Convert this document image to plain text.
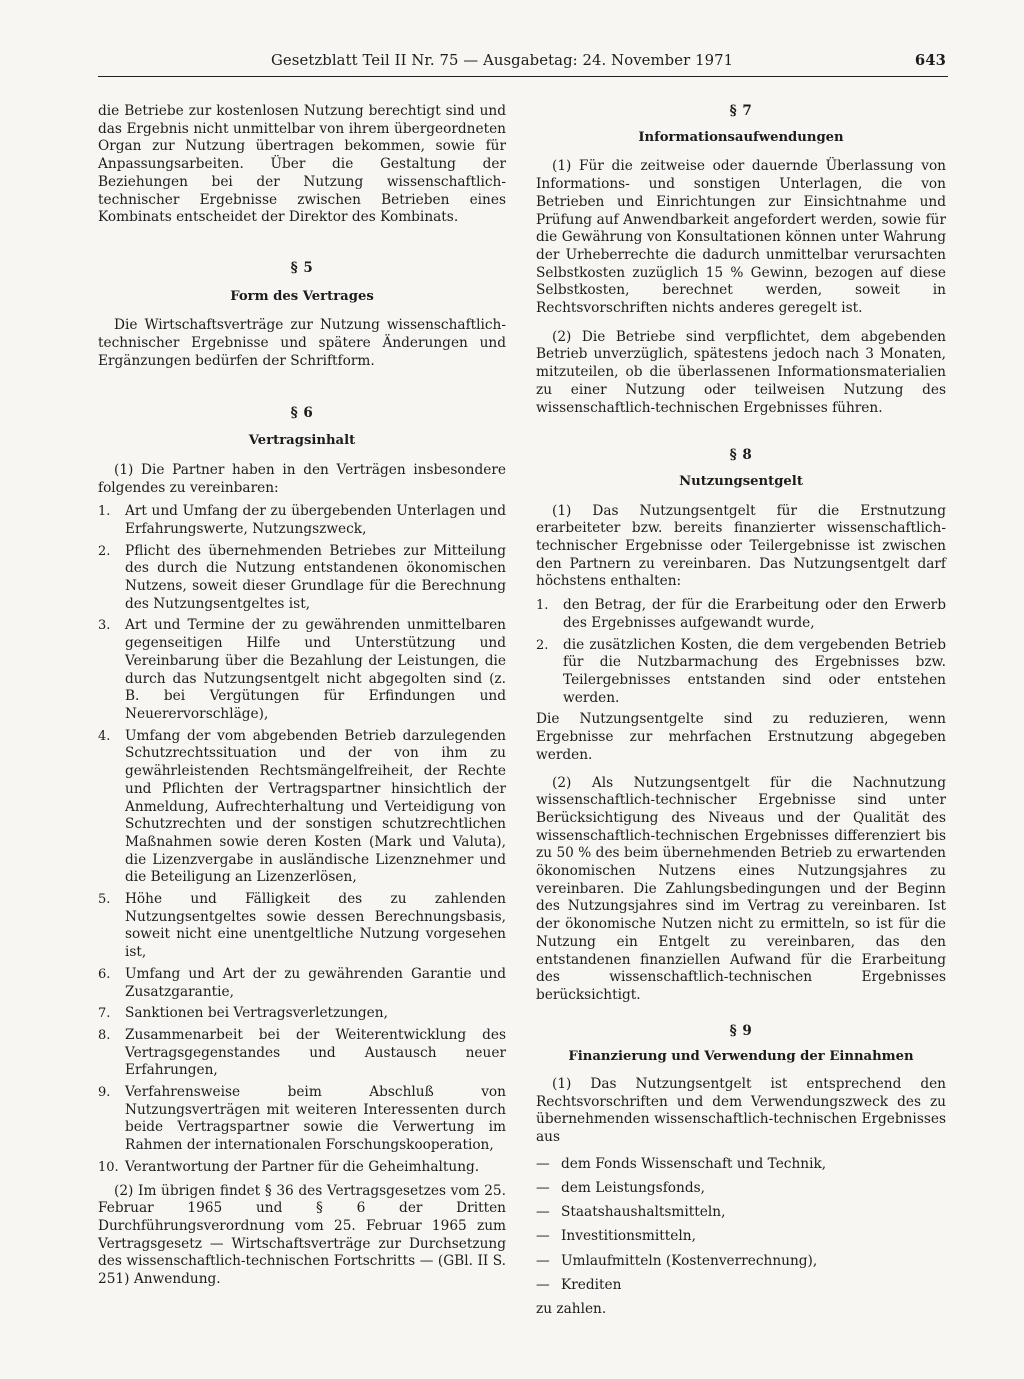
Gesetzblatt Teil II Nr. 75 — Ausgabetag: 24. November 1971	643

die Betriebe zur kostenlosen Nutzung berechtigt sind und das Ergebnis nicht unmittelbar von ihrem übergeordneten Organ zur Nutzung übertragen bekommen, sowie für Anpassungsarbeiten. Über die Gestaltung der Beziehungen bei der Nutzung wissenschaftlich-technischer Ergebnisse zwischen Betrieben eines Kombinats entscheidet der Direktor des Kombinats.

§ 5
Form des Vertrages

Die Wirtschaftsverträge zur Nutzung wissenschaftlich-technischer Ergebnisse und spätere Änderungen und Ergänzungen bedürfen der Schriftform.

§ 6
Vertragsinhalt

(1) Die Partner haben in den Verträgen insbesondere folgendes zu vereinbaren:

1. Art und Umfang der zu übergebenden Unterlagen und Erfahrungswerte, Nutzungszweck,
2. Pflicht des übernehmenden Betriebes zur Mitteilung des durch die Nutzung entstandenen ökonomischen Nutzens, soweit dieser Grundlage für die Berechnung des Nutzungsentgeltes ist,
3. Art und Termine der zu gewährenden unmittelbaren gegenseitigen Hilfe und Unterstützung und Vereinbarung über die Bezahlung der Leistungen, die durch das Nutzungsentgelt nicht abgegolten sind (z. B. bei Vergütungen für Erfindungen und Neuerervorschläge),
4. Umfang der vom abgebenden Betrieb darzulegenden Schutzrechtssituation und der von ihm zu gewährleistenden Rechtsmängelfreiheit, der Rechte und Pflichten der Vertragspartner hinsichtlich der Anmeldung, Aufrechterhaltung und Verteidigung von Schutzrechten und der sonstigen schutzrechtlichen Maßnahmen sowie deren Kosten (Mark und Valuta), die Lizenzvergabe in ausländische Lizenznehmer und die Beteiligung an Lizenzerlösen,
5. Höhe und Fälligkeit des zu zahlenden Nutzungsentgeltes sowie dessen Berechnungsbasis, soweit nicht eine unentgeltliche Nutzung vorgesehen ist,
6. Umfang und Art der zu gewährenden Garantie und Zusatzgarantie,
7. Sanktionen bei Vertragsverletzungen,
8. Zusammenarbeit bei der Weiterentwicklung des Vertragsgegenstandes und Austausch neuer Erfahrungen,
9. Verfahrensweise beim Abschluß von Nutzungsverträgen mit weiteren Interessenten durch beide Vertragspartner sowie die Verwertung im Rahmen der internationalen Forschungskooperation,
10. Verantwortung der Partner für die Geheimhaltung.

(2) Im übrigen findet § 36 des Vertragsgesetzes vom 25. Februar 1965 und § 6 der Dritten Durchführungsverordnung vom 25. Februar 1965 zum Vertragsgesetz — Wirtschaftsverträge zur Durchsetzung des wissenschaftlich-technischen Fortschritts — (GBl. II S. 251) Anwendung.

§ 7
Informationsaufwendungen

(1) Für die zeitweise oder dauernde Überlassung von Informations- und sonstigen Unterlagen, die von Betrieben und Einrichtungen zur Einsichtnahme und Prüfung auf Anwendbarkeit angefordert werden, sowie für die Gewährung von Konsultationen können unter Wahrung der Urheberrechte die dadurch unmittelbar verursachten Selbstkosten zuzüglich 15 % Gewinn, bezogen auf diese Selbstkosten, berechnet werden, soweit in Rechtsvorschriften nichts anderes geregelt ist.

(2) Die Betriebe sind verpflichtet, dem abgebenden Betrieb unverzüglich, spätestens jedoch nach 3 Monaten, mitzuteilen, ob die überlassenen Informationsmaterialien zu einer Nutzung oder teilweisen Nutzung des wissenschaftlich-technischen Ergebnisses führen.

§ 8
Nutzungsentgelt

(1) Das Nutzungsentgelt für die Erstnutzung erarbeiteter bzw. bereits finanzierter wissenschaftlich-technischer Ergebnisse oder Teilergebnisse ist zwischen den Partnern zu vereinbaren. Das Nutzungsentgelt darf höchstens enthalten:

1. den Betrag, der für die Erarbeitung oder den Erwerb des Ergebnisses aufgewandt wurde,
2. die zusätzlichen Kosten, die dem vergebenden Betrieb für die Nutzbarmachung des Ergebnisses bzw. Teilergebnisses entstanden sind oder entstehen werden.

Die Nutzungsentgelte sind zu reduzieren, wenn Ergebnisse zur mehrfachen Erstnutzung abgegeben werden.

(2) Als Nutzungsentgelt für die Nachnutzung wissenschaftlich-technischer Ergebnisse sind unter Berücksichtigung des Niveaus und der Qualität des wissenschaftlich-technischen Ergebnisses differenziert bis zu 50 % des beim übernehmenden Betrieb zu erwartenden ökonomischen Nutzens eines Nutzungsjahres zu vereinbaren. Die Zahlungsbedingungen und der Beginn des Nutzungsjahres sind im Vertrag zu vereinbaren. Ist der ökonomische Nutzen nicht zu ermitteln, so ist für die Nutzung ein Entgelt zu vereinbaren, das den entstandenen finanziellen Aufwand für die Erarbeitung des wissenschaftlich-technischen Ergebnisses berücksichtigt.

§ 9
Finanzierung und Verwendung der Einnahmen

(1) Das Nutzungsentgelt ist entsprechend den Rechtsvorschriften und dem Verwendungszweck des zu übernehmenden wissenschaftlich-technischen Ergebnisses aus

— dem Fonds Wissenschaft und Technik,
— dem Leistungsfonds,
— Staatshaushaltsmitteln,
— Investitionsmitteln,
— Umlaufmitteln (Kostenverrechnung),
— Krediten

zu zahlen.
